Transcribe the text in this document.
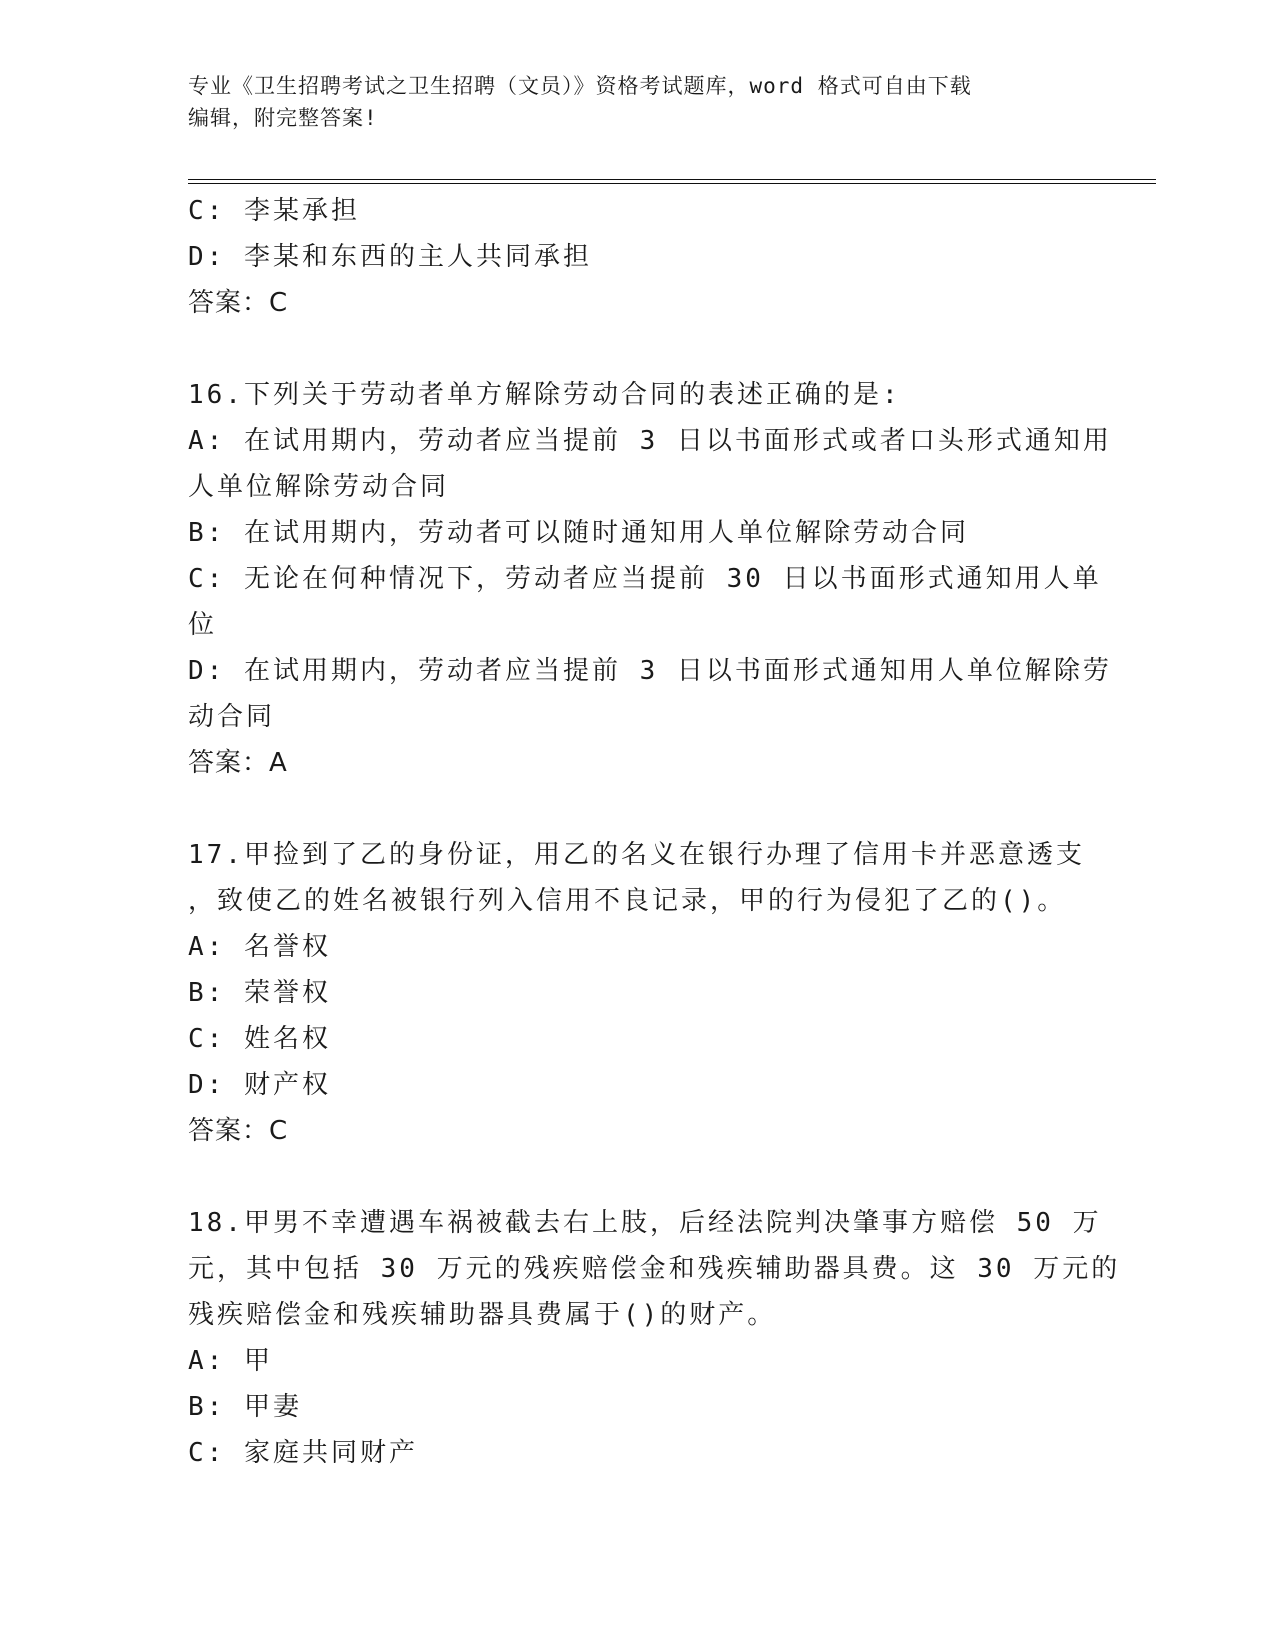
专业《卫生招聘考试之卫生招聘（文员）》资格考试题库，word 格式可自由下载
编辑，附完整答案!
C: 李某承担
D: 李某和东西的主人共同承担
答案：C
16.下列关于劳动者单方解除劳动合同的表述正确的是:
A: 在试用期内，劳动者应当提前 3 日以书面形式或者口头形式通知用
人单位解除劳动合同
B: 在试用期内，劳动者可以随时通知用人单位解除劳动合同
C: 无论在何种情况下，劳动者应当提前 30 日以书面形式通知用人单
位
D: 在试用期内，劳动者应当提前 3 日以书面形式通知用人单位解除劳
动合同
答案：A
17.甲捡到了乙的身份证，用乙的名义在银行办理了信用卡并恶意透支
，致使乙的姓名被银行列入信用不良记录，甲的行为侵犯了乙的()。
A: 名誉权
B: 荣誉权
C: 姓名权
D: 财产权
答案：C
18.甲男不幸遭遇车祸被截去右上肢，后经法院判决肇事方赔偿 50 万
元，其中包括 30 万元的残疾赔偿金和残疾辅助器具费。这 30 万元的
残疾赔偿金和残疾辅助器具费属于()的财产。
A: 甲
B: 甲妻
C: 家庭共同财产
